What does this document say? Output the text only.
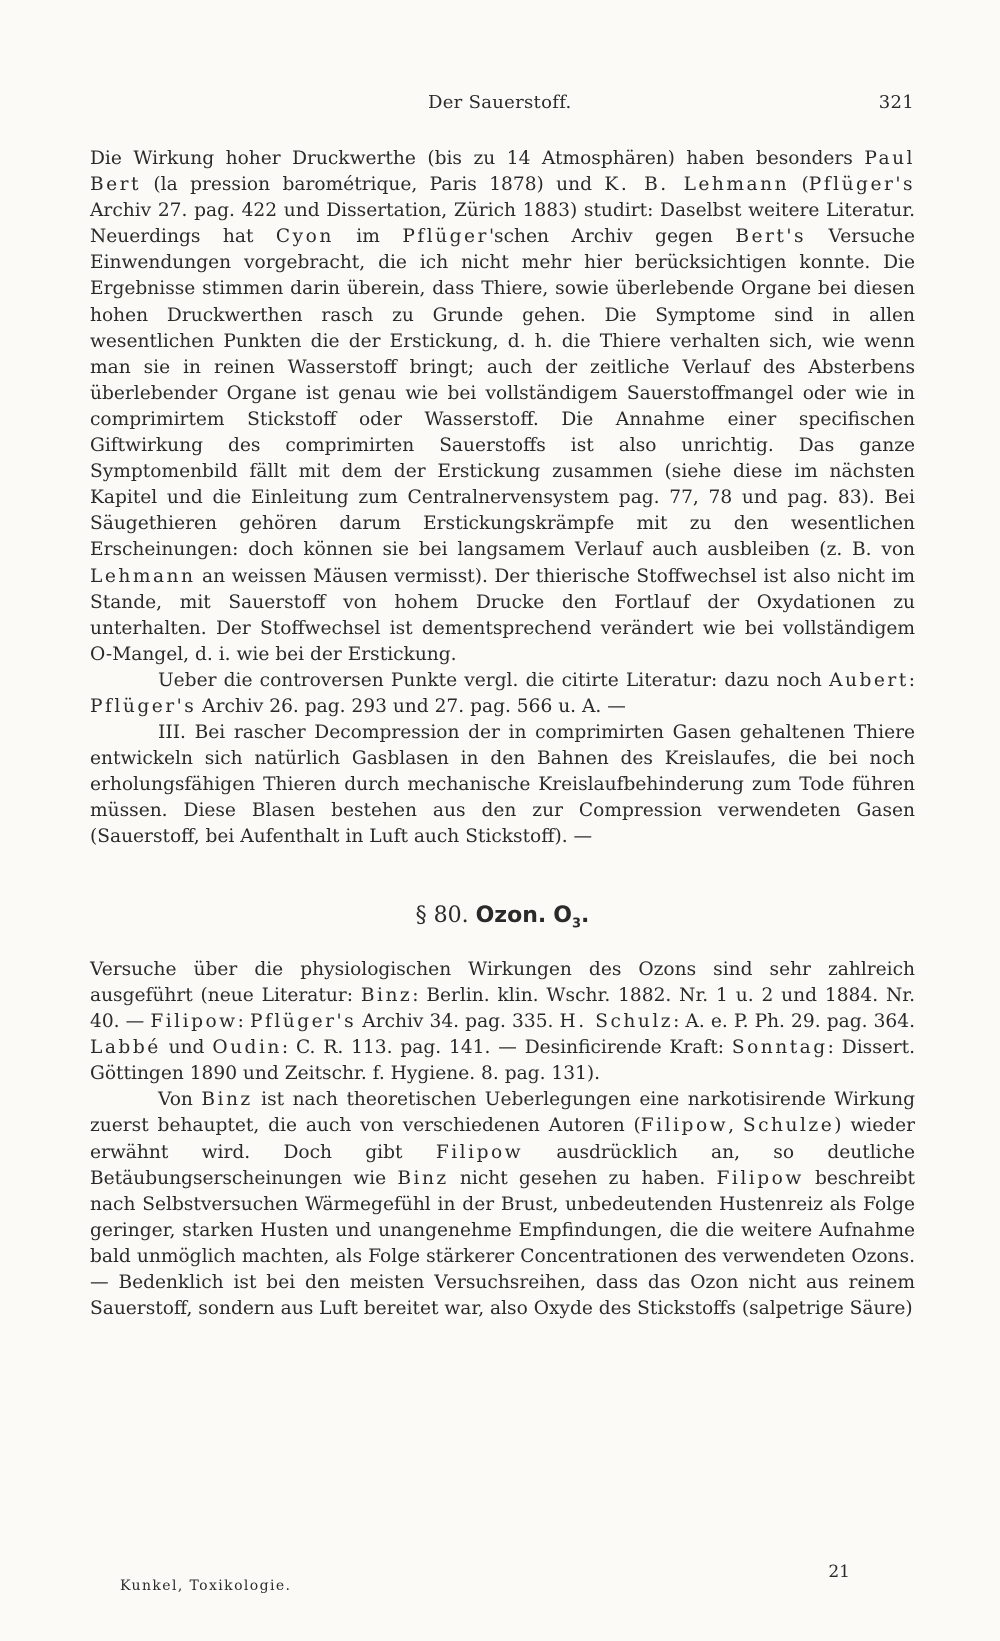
Der Sauerstoff.	321

Die Wirkung hoher Druckwerthe (bis zu 14 Atmosphären) haben besonders Paul Bert (la pression barométrique, Paris 1878) und K. B. Lehmann (Pflüger's Archiv 27. pag. 422 und Dissertation, Zürich 1883) studirt: Daselbst weitere Literatur. Neuerdings hat Cyon im Pflüger'schen Archiv gegen Bert's Versuche Einwendungen vorgebracht, die ich nicht mehr hier berücksichtigen konnte. Die Ergebnisse stimmen darin überein, dass Thiere, sowie überlebende Organe bei diesen hohen Druckwerthen rasch zu Grunde gehen. Die Symptome sind in allen wesentlichen Punkten die der Erstickung, d. h. die Thiere verhalten sich, wie wenn man sie in reinen Wasserstoff bringt; auch der zeitliche Verlauf des Absterbens überlebender Organe ist genau wie bei vollständigem Sauerstoffmangel oder wie in comprimirtem Stickstoff oder Wasserstoff. Die Annahme einer specifischen Giftwirkung des comprimirten Sauerstoffs ist also unrichtig. Das ganze Symptomenbild fällt mit dem der Erstickung zusammen (siehe diese im nächsten Kapitel und die Einleitung zum Centralnervensystem pag. 77, 78 und pag. 83). Bei Säugethieren gehören darum Erstickungskrämpfe mit zu den wesentlichen Erscheinungen: doch können sie bei langsamem Verlauf auch ausbleiben (z. B. von Lehmann an weissen Mäusen vermisst). Der thierische Stoffwechsel ist also nicht im Stande, mit Sauerstoff von hohem Drucke den Fortlauf der Oxydationen zu unterhalten. Der Stoffwechsel ist dementsprechend verändert wie bei vollständigem O-Mangel, d. i. wie bei der Erstickung.

Ueber die controversen Punkte vergl. die citirte Literatur: dazu noch Aubert: Pflüger's Archiv 26. pag. 293 und 27. pag. 566 u. A. —

III. Bei rascher Decompression der in comprimirten Gasen gehaltenen Thiere entwickeln sich natürlich Gasblasen in den Bahnen des Kreislaufes, die bei noch erholungsfähigen Thieren durch mechanische Kreislaufbehinderung zum Tode führen müssen. Diese Blasen bestehen aus den zur Compression verwendeten Gasen (Sauerstoff, bei Aufenthalt in Luft auch Stickstoff). —

§ 80. Ozon. $O_3$.

Versuche über die physiologischen Wirkungen des Ozons sind sehr zahlreich ausgeführt (neue Literatur: Binz: Berlin. klin. Wschr. 1882. Nr. 1 u. 2 und 1884. Nr. 40. — Filipow: Pflüger's Archiv 34. pag. 335. H. Schulz: A. e. P. Ph. 29. pag. 364. Labbé und Oudin: C. R. 113. pag. 141. — Desinficirende Kraft: Sonntag: Dissert. Göttingen 1890 und Zeitschr. f. Hygiene. 8. pag. 131).

Von Binz ist nach theoretischen Ueberlegungen eine narkotisirende Wirkung zuerst behauptet, die auch von verschiedenen Autoren (Filipow, Schulze) wieder erwähnt wird. Doch gibt Filipow ausdrücklich an, so deutliche Betäubungserscheinungen wie Binz nicht gesehen zu haben. Filipow beschreibt nach Selbstversuchen Wärmegefühl in der Brust, unbedeutenden Hustenreiz als Folge geringer, starken Husten und unangenehme Empfindungen, die die weitere Aufnahme bald unmöglich machten, als Folge stärkerer Concentrationen des verwendeten Ozons. — Bedenklich ist bei den meisten Versuchsreihen, dass das Ozon nicht aus reinem Sauerstoff, sondern aus Luft bereitet war, also Oxyde des Stickstoffs (salpetrige Säure)

Kunkel, Toxikologie.
21
